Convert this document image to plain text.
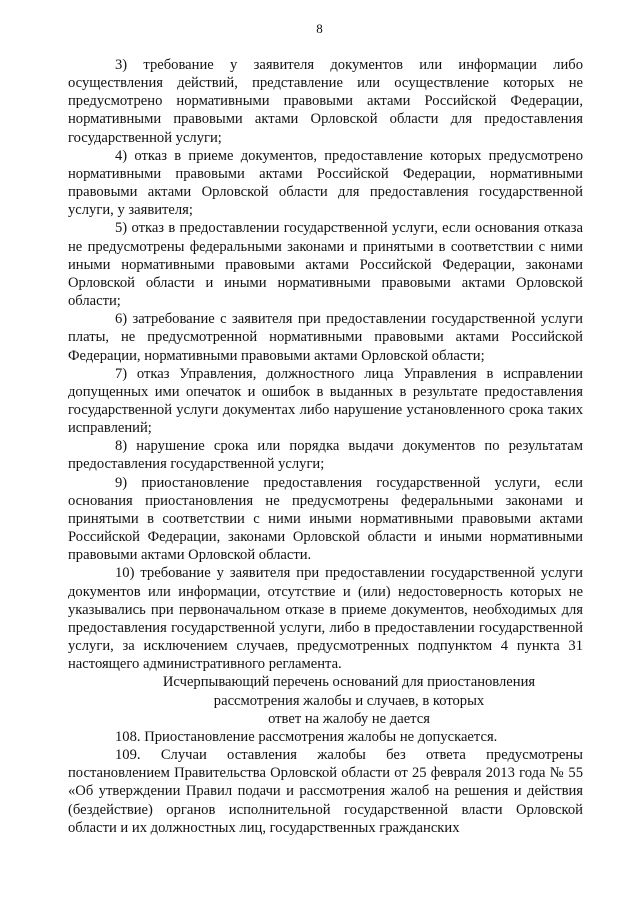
8

3) требование у заявителя документов или информации либо осуществления действий, представление или осуществление которых не предусмотрено нормативными правовыми актами Российской Федерации, нормативными правовыми актами Орловской области для предоставления государственной услуги;

4) отказ в приеме документов, предоставление которых предусмотрено нормативными правовыми актами Российской Федерации, нормативными правовыми актами Орловской области для предоставления государственной услуги, у заявителя;

5) отказ в предоставлении государственной услуги, если основания отказа не предусмотрены федеральными законами и принятыми в соответствии с ними иными нормативными правовыми актами Российской Федерации, законами Орловской области и иными нормативными правовыми актами Орловской области;

6) затребование с заявителя при предоставлении государственной услуги платы, не предусмотренной нормативными правовыми актами Российской Федерации, нормативными правовыми актами Орловской области;

7) отказ Управления, должностного лица Управления в исправлении допущенных ими опечаток и ошибок в выданных в результате предоставления государственной услуги документах либо нарушение установленного срока таких исправлений;

8) нарушение срока или порядка выдачи документов по результатам предоставления государственной услуги;

9) приостановление предоставления государственной услуги, если основания приостановления не предусмотрены федеральными законами и принятыми в соответствии с ними иными нормативными правовыми актами Российской Федерации, законами Орловской области и иными нормативными правовыми актами Орловской области.

10) требование у заявителя при предоставлении государственной услуги документов или информации, отсутствие и (или) недостоверность которых не указывались при первоначальном отказе в приеме документов, необходимых для предоставления государственной услуги, либо в предоставлении государственной услуги, за исключением случаев, предусмотренных подпунктом 4 пункта 31 настоящего административного регламента.

Исчерпывающий перечень оснований для приостановления
рассмотрения жалобы и случаев, в которых
ответ на жалобу не дается

108. Приостановление рассмотрения жалобы не допускается.

109. Случаи оставления жалобы без ответа предусмотрены постановлением Правительства Орловской области от 25 февраля 2013 года № 55 «Об утверждении Правил подачи и рассмотрения жалоб на решения и действия (бездействие) органов исполнительной государственной власти Орловской области и их должностных лиц, государственных гражданских
